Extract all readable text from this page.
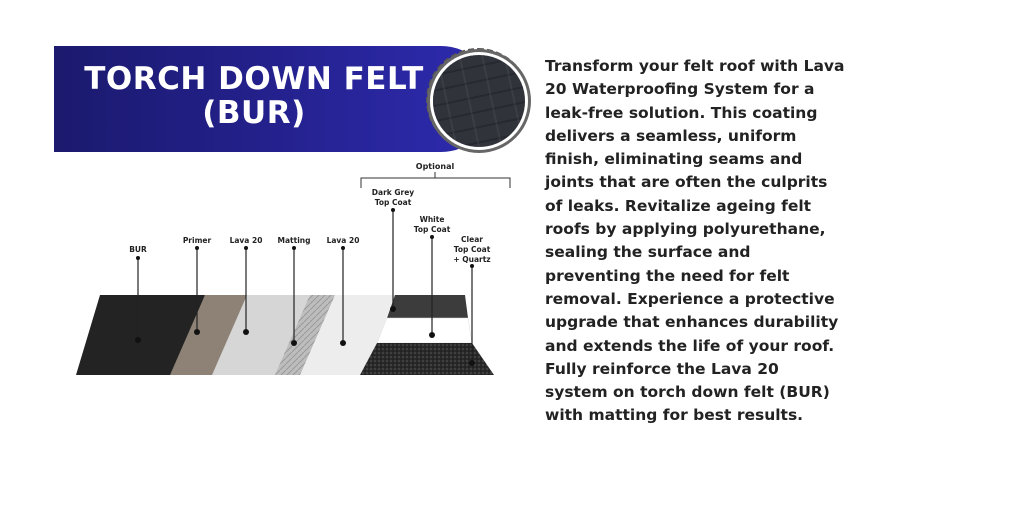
TORCH DOWN FELT
(BUR)
Optional
BUR
Primer Lava 20 Matting Lava 20
Dark Grey
Top Coat
White
Top Coat
Clear
Top Coat
+ Quartz
Transform your felt roof with Lava 20 Waterproofing System for a leak-free solution. This coating delivers a seamless, uniform finish, eliminating seams and joints that are often the culprits of leaks. Revitalize ageing felt roofs by applying polyurethane, sealing the surface and preventing the need for felt removal. Experience a protective upgrade that enhances durability and extends the life of your roof. Fully reinforce the Lava 20 system on torch down felt (BUR) with matting for best results.
